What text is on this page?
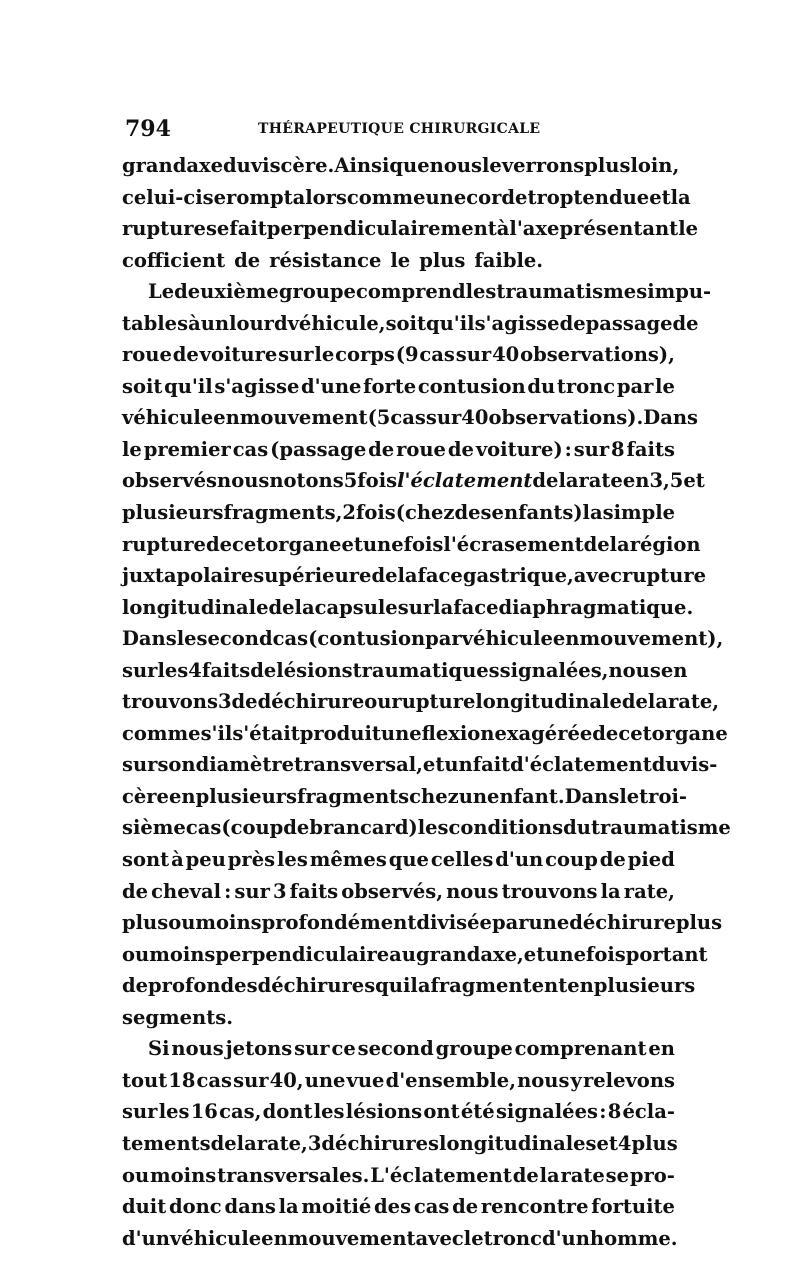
794	THÉRAPEUTIQUE CHIRURGICALE
grand axe du viscère. Ainsi que nous le verrons plus loin,
celui-ci se rompt alors comme une corde trop tendue et la
rupture se fait perpendiculairement à l'axe présentant le
cofficient de résistance le plus faible.
Le deuxième groupe comprend les traumatismes impu-
tables à un lourd véhicule, soit qu'il s'agisse de passage de
roue de voiture sur le corps (9 cas sur 40 observations),
soit qu'il s'agisse d'une forte contusion du tronc par le
véhicule en mouvement (5 cas sur 40 observations). Dans
le premier cas (passage de roue de voiture) : sur 8 faits
observés nous notons 5 fois l'éclatement de la rate en 3,5 et
plusieurs fragments, 2 fois (chez des enfants) la simple
rupture de cet organe et une fois l'écrasement de la région
juxtapolaire supérieure de la face gastrique, avec rupture
longitudinale de la capsule sur la face diaphragmatique.
Dans le second cas (contusion par véhicule en mouvement),
sur les 4 faits de lésions traumatiques signalées, nous en
trouvons 3 de déchirure ou rupture longitudinale de la rate,
comme s'il s'était produit une flexion exagérée de cet organe
sur son diamètre transversal, et un fait d'éclatement du vis-
cère en plusieurs fragments chez un enfant. Dans le troi-
sième cas (coup de brancard) les conditions du traumatisme
sont à peu près les mêmes que celles d'un coup de pied
de cheval : sur 3 faits observés, nous trouvons la rate,
plus ou moins profondément divisée par une déchirure plus
ou moins perpendiculaire au grand axe, et une fois portant
de profondes déchirures qui la fragmentent en plusieurs
segments.
Si nous jetons sur ce second groupe comprenant en
tout 18 cas sur 40, une vue d'ensemble, nous y relevons
sur les 16 cas, dont les lésions ont été signalées : 8 écla-
tements de la rate, 3 déchirures longitudinales et 4 plus
ou moins transversales. L'éclatement de la rate se pro-
duit donc dans la moitié des cas de rencontre fortuite
d'un véhicule en mouvement avec le tronc d'un homme.
